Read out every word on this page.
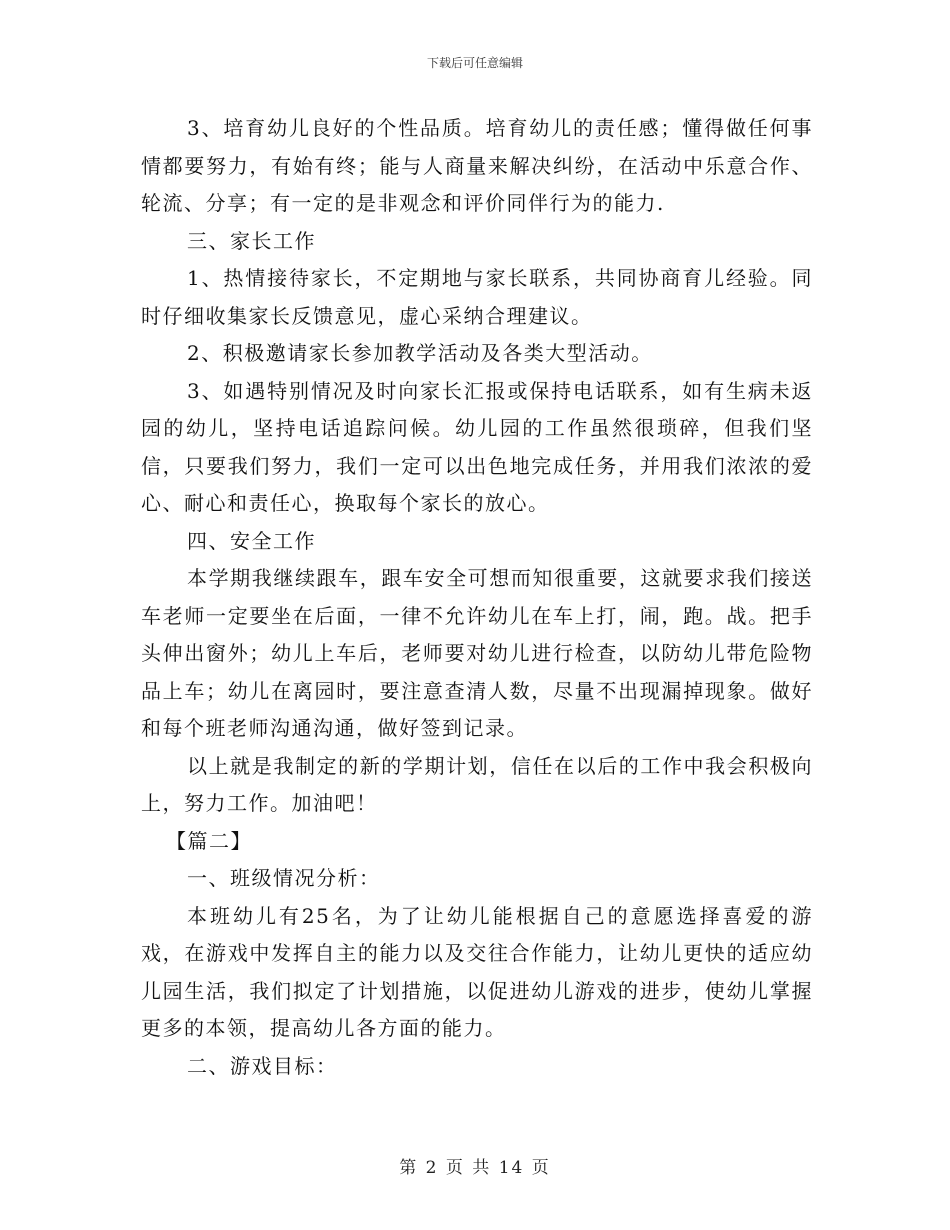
下载后可任意编辑

3、培育幼儿良好的个性品质。培育幼儿的责任感；懂得做任何事情都要努力，有始有终；能与人商量来解决纠纷，在活动中乐意合作、轮流、分享；有一定的是非观念和评价同伴行为的能力.

三、家长工作

1、热情接待家长，不定期地与家长联系，共同协商育儿经验。同时仔细收集家长反馈意见，虚心采纳合理建议。

2、积极邀请家长参加教学活动及各类大型活动。

3、如遇特别情况及时向家长汇报或保持电话联系，如有生病未返园的幼儿，坚持电话追踪问候。幼儿园的工作虽然很琐碎，但我们坚信，只要我们努力，我们一定可以出色地完成任务，并用我们浓浓的爱心、耐心和责任心，换取每个家长的放心。

四、安全工作

本学期我继续跟车，跟车安全可想而知很重要，这就要求我们接送车老师一定要坐在后面，一律不允许幼儿在车上打，闹，跑。战。把手头伸出窗外；幼儿上车后，老师要对幼儿进行检查，以防幼儿带危险物品上车；幼儿在离园时，要注意查清人数，尽量不出现漏掉现象。做好和每个班老师沟通沟通，做好签到记录。

以上就是我制定的新的学期计划，信任在以后的工作中我会积极向上，努力工作。加油吧！

【篇二】

一、班级情况分析：

本班幼儿有25名，为了让幼儿能根据自己的意愿选择喜爱的游戏，在游戏中发挥自主的能力以及交往合作能力，让幼儿更快的适应幼儿园生活，我们拟定了计划措施，以促进幼儿游戏的进步，使幼儿掌握更多的本领，提高幼儿各方面的能力。

二、游戏目标：

第 2 页 共 14 页
